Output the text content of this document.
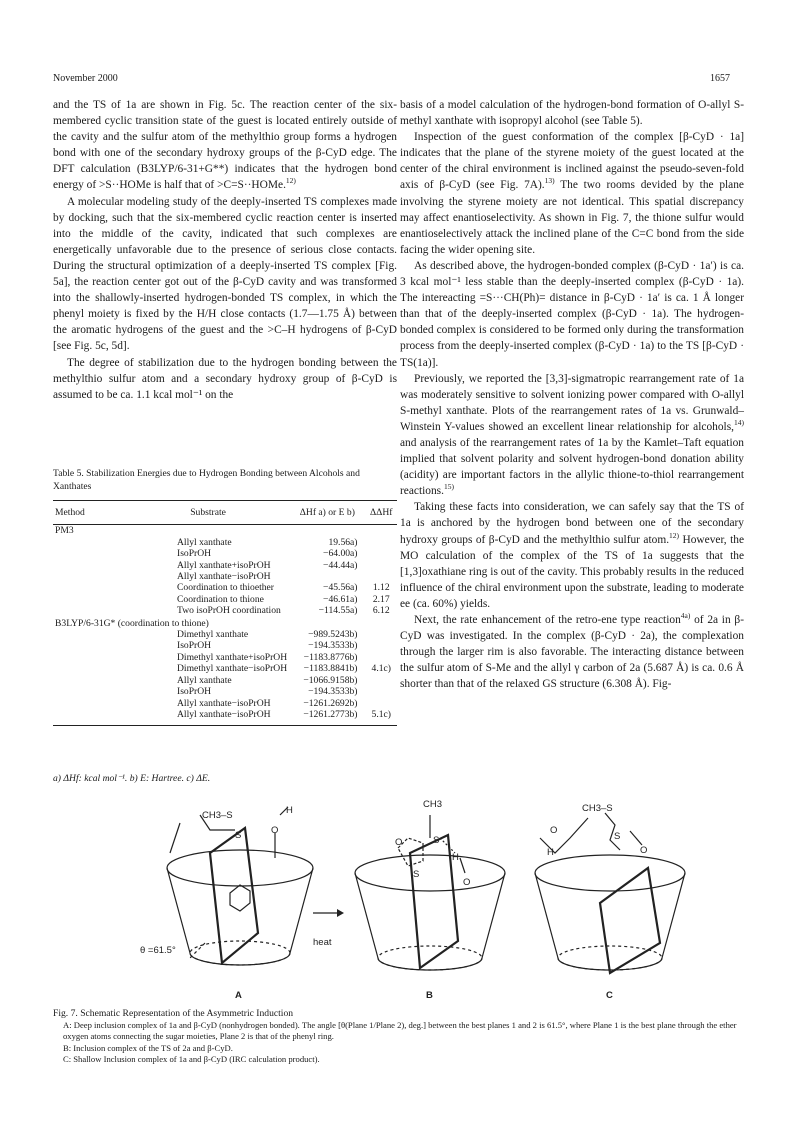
November 2000	1657

and the TS of 1a are shown in Fig. 5c. The reaction center of the six-membered cyclic transition state of the guest is located entirely outside of the cavity and the sulfur atom of the methylthio group forms a hydrogen bond with one of the secondary hydroxy groups of the β-CyD edge. The DFT calculation (B3LYP/6-31+G**) indicates that the hydrogen bond energy of >S··HOMe is half that of >C=S··HOMe.$^{12)}$

A molecular modeling study of the deeply-inserted TS complexes made by docking, such that the six-membered cyclic reaction center is inserted into the middle of the cavity, indicated that such complexes are energetically unfavorable due to the presence of serious close contacts. During the structural optimization of a deeply-inserted TS complex [Fig. 5a], the reaction center got out of the β-CyD cavity and was transformed into the shallowly-inserted hydrogen-bonded TS complex, in which the phenyl moiety is fixed by the H/H close contacts (1.7—1.75 Å) between the aromatic hydrogens of the guest and the >C–H hydrogens of β-CyD [see Fig. 5c, 5d].

The degree of stabilization due to the hydrogen bonding between the methylthio sulfur atom and a secondary hydroxy group of β-CyD is assumed to be ca. 1.1 kcal mol⁻¹ on the

Table 5. Stabilization Energies due to Hydrogen Bonding between Alcohols and Xanthates
Method	Substrate	ΔHf a) or E b)	ΔΔHf
PM3			
	Allyl xanthate	19.56a)	
	IsoPrOH	−64.00a)	
	Allyl xanthate+isoPrOH	−44.44a)	
	Allyl xanthate−isoPrOH		
	Coordination to thioether	−45.56a)	1.12
	Coordination to thione	−46.61a)	2.17
	Two isoPrOH coordination	−114.55a)	6.12
B3LYP/6-31G* (coordination to thione)			
	Dimethyl xanthate	−989.5243b)	
	IsoPrOH	−194.3533b)	
	Dimethyl xanthate+isoPrOH	−1183.8776b)	
	Dimethyl xanthate−isoPrOH	−1183.8841b)	4.1c)
	Allyl xanthate	−1066.9158b)	
	IsoPrOH	−194.3533b)	
	Allyl xanthate−isoPrOH	−1261.2692b)	
	Allyl xanthate−isoPrOH	−1261.2773b)	5.1c)
a) ΔHf: kcal mol⁻¹. b) E: Hartree. c) ΔE.

basis of a model calculation of the hydrogen-bond formation of O-allyl S-methyl xanthate with isopropyl alcohol (see Table 5).

Inspection of the guest conformation of the complex [β-CyD · 1a] indicates that the plane of the styrene moiety of the guest located at the center of the chiral environment is inclined against the pseudo-seven-fold axis of β-CyD (see Fig. 7A).$^{13)}$ The two rooms devided by the plane involving the styrene moiety are not identical. This spatial discrepancy may affect enantioselectivity. As shown in Fig. 7, the thione sulfur would enantioselectively attack the inclined plane of the C=C bond from the side facing the wider opening site.

As described above, the hydrogen-bonded complex (β-CyD · 1a′) is ca. 3 kcal mol⁻¹ less stable than the deeply-inserted complex (β-CyD · 1a). The intereacting =S···CH(Ph)= distance in β-CyD · 1a′ is ca. 1 Å longer than that of the deeply-inserted complex (β-CyD · 1a). The hydrogen-bonded complex is considered to be formed only during the transformation process from the deeply-inserted complex (β-CyD · 1a) to the TS [β-CyD · TS(1a)].

Previously, we reported the [3,3]-sigmatropic rearrangement rate of 1a was moderately sensitive to solvent ionizing power compared with O-allyl S-methyl xanthate. Plots of the rearrangement rates of 1a vs. Grunwald–Winstein Y-values showed an excellent linear relationship for alcohols,$^{14)}$ and analysis of the rearrangement rates of 1a by the Kamlet–Taft equation implied that solvent polarity and solvent hydrogen-bond donation ability (acidity) are important factors in the allylic thione-to-thiol rearrangement reactions.$^{15)}$

Taking these facts into consideration, we can safely say that the TS of 1a is anchored by the hydrogen bond between one of the secondary hydroxy groups of β-CyD and the methylthio sulfur atom.$^{12)}$ However, the MO calculation of the complex of the TS of 1a suggests that the [1,3]oxathiane ring is out of the cavity. This probably results in the reduced influence of the chiral environment upon the substrate, leading to moderate ee (ca. 60%) yields.

Next, the rate enhancement of the retro-ene type reaction$^{4a)}$ of 2a in β-CyD was investigated. In the complex (β-CyD · 2a), the complexation through the larger rim is also favorable. The interacting distance between the sulfur atom of S-Me and the allyl γ carbon of 2a (5.687 Å) is ca. 0.6 Å shorter than that of the relaxed GS structure (6.308 Å). Fig-

CH3–S
S	O
H
θ =61.5°
A
heat
CH3
S
O
H
O
S
B
CH3–S
S
O
H
O
C
Fig. 7. Schematic Representation of the Asymmetric Induction
A: Deep inclusion complex of 1a and β-CyD (nonhydrogen bonded). The angle [θ(Plane 1/Plane 2), deg.] between the best planes 1 and 2 is 61.5°, where Plane 1 is the best plane through the ether oxygen atoms connecting the sugar moieties, Plane 2 is that of the phenyl ring.
B: Inclusion complex of the TS of 2a and β-CyD.
C: Shallow Inclusion complex of 1a and β-CyD (IRC calculation product).
